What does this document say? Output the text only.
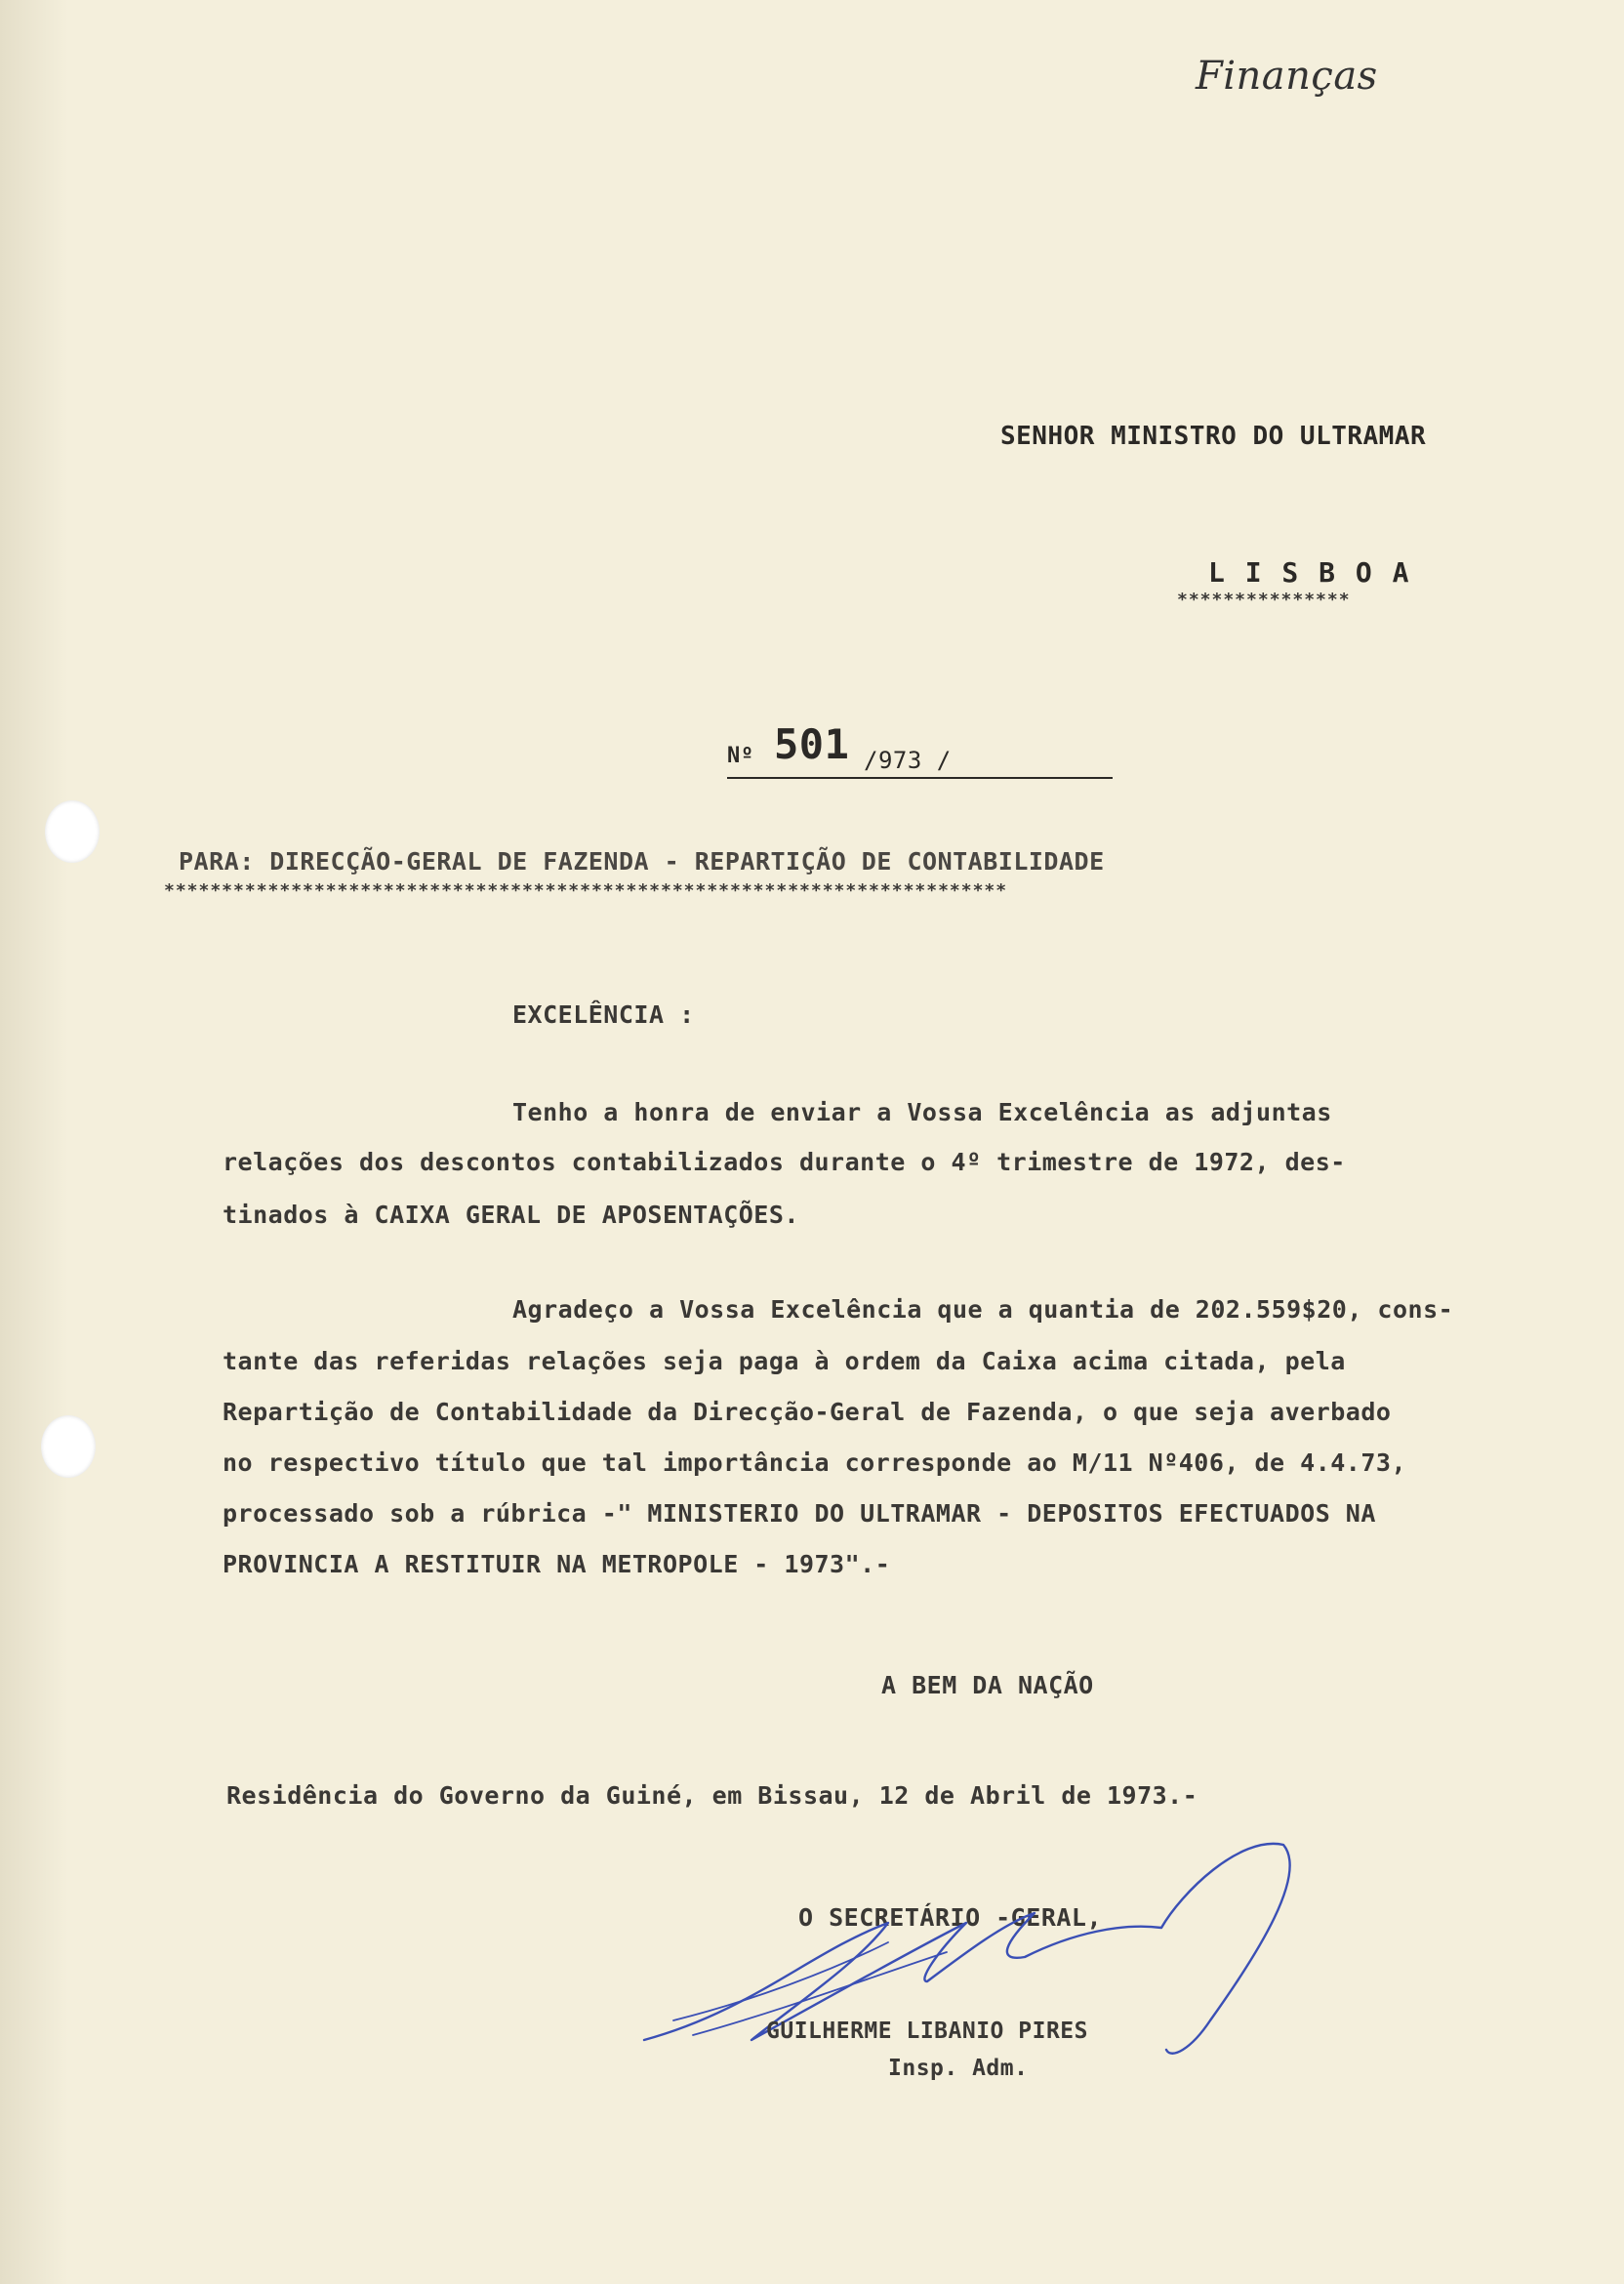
Finanças
SENHOR MINISTRO DO ULTRAMAR
L I S B O A
***************
Nº 501 /973 /
PARA: DIRECÇÃO-GERAL DE FAZENDA - REPARTIÇÃO DE CONTABILIDADE
*************************************************************************
EXCELÊNCIA :
Tenho a honra de enviar a Vossa Excelência as adjuntas
relações dos descontos contabilizados durante o 4º trimestre de 1972, des-
tinados à CAIXA GERAL DE APOSENTAÇÕES.
Agradeço a Vossa Excelência que a quantia de 202.559$20, cons-
tante das referidas relações seja paga à ordem da Caixa acima citada, pela
Repartição de Contabilidade da Direcção-Geral de Fazenda, o que seja averbado
no respectivo título que tal importância corresponde ao M/11 Nº406, de 4.4.73,
processado sob a rúbrica -" MINISTERIO DO ULTRAMAR - DEPOSITOS EFECTUADOS NA
PROVINCIA A RESTITUIR NA METROPOLE - 1973".-
A BEM DA NAÇÃO
Residência do Governo da Guiné, em Bissau, 12 de Abril de 1973.-
O SECRETÁRIO -GERAL,
GUILHERME LIBANIO PIRES
Insp. Adm.
